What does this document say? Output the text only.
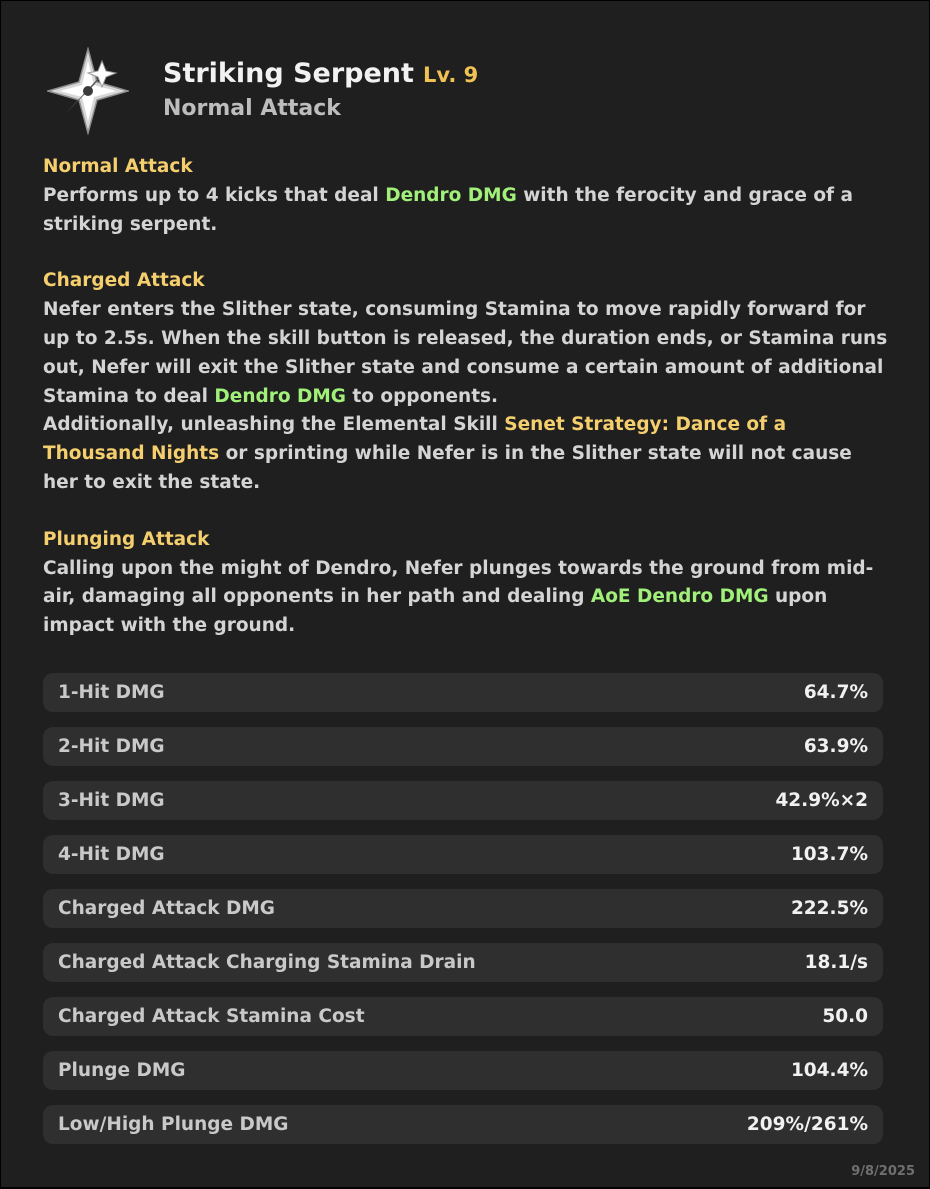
Striking Serpent Lv. 9
Normal Attack
Normal Attack
Performs up to 4 kicks that deal Dendro DMG with the ferocity and grace of a striking serpent.
Charged Attack
Nefer enters the Slither state, consuming Stamina to move rapidly forward for up to 2.5s. When the skill button is released, the duration ends, or Stamina runs out, Nefer will exit the Slither state and consume a certain amount of additional Stamina to deal Dendro DMG to opponents.
Additionally, unleashing the Elemental Skill Senet Strategy: Dance of a Thousand Nights or sprinting while Nefer is in the Slither state will not cause her to exit the state.
Plunging Attack
Calling upon the might of Dendro, Nefer plunges towards the ground from mid-air, damaging all opponents in her path and dealing AoE Dendro DMG upon impact with the ground.
1-Hit DMG	64.7%
2-Hit DMG	63.9%
3-Hit DMG	42.9%×2
4-Hit DMG	103.7%
Charged Attack DMG	222.5%
Charged Attack Charging Stamina Drain	18.1/s
Charged Attack Stamina Cost	50.0
Plunge DMG	104.4%
Low/High Plunge DMG	209%/261%
9/8/2025
